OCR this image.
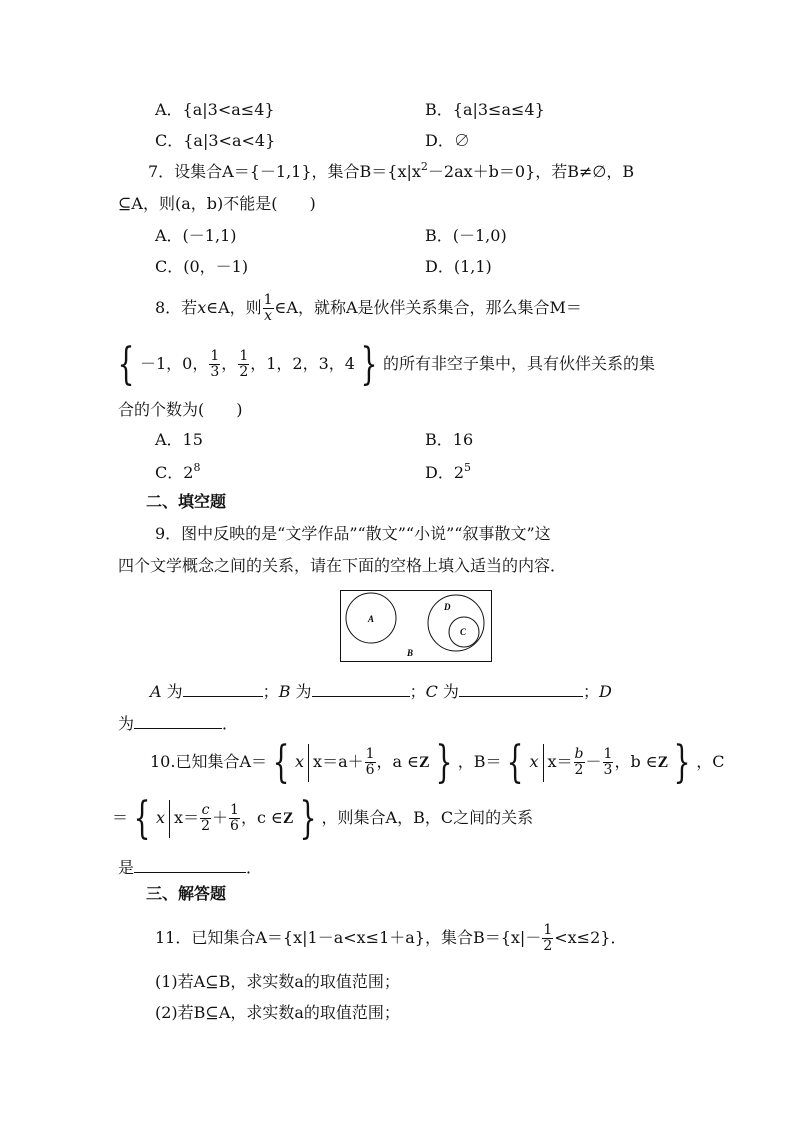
A．{a|3<a≤4}	B．{a|3≤a≤4}
C．{a|3<a<4}	D．∅
7．设集合A＝{－1,1}，集合$B=\{x|x^2-2ax+b=0\}$，若B≠∅，B
⊆A，则(a，b)不能是(　　)
A．(－1,1)	B．(－1,0)
C．(0，－1)	D．(1,1)
8．若x∈A，则 $\frac{1}{x}$ ∈A，就称A是伙伴关系集合，那么集合M＝
{ －1，0， $\frac{1}{3}$ ， $\frac{1}{2}$ ，1，2，3，4 } 的所有非空子集中，具有伙伴关系的集
合的个数为(　　)
A．15	B．16
C．$2^8$	D．$2^5$
二、填空题
9．图中反映的是“文学作品”“散文”“小说”“叙事散文”这
四个文学概念之间的关系，请在下面的空格上填入适当的内容．
A
D
C
B
A 为	；B 为	；C 为	；D
为	．
10.已知集合A＝ { x $x=a+ \frac{1}{6}$ ，a ∈Z } ，B＝ { x $x= \frac{b}{2} - \frac{1}{3}$ ，b ∈Z } ，C
＝ { x $x= \frac{c}{2} + \frac{1}{6}$ ，c ∈Z } ，则集合A，B，C之间的关系
是	．
三、解答题
11．已知集合A＝{x|1－a<x≤1＋a}，集合$B=\{x|- \frac{1}{2} <x\le 2\}$．
(1)若A⊆B，求实数a的取值范围；
(2)若B⊆A，求实数a的取值范围；
